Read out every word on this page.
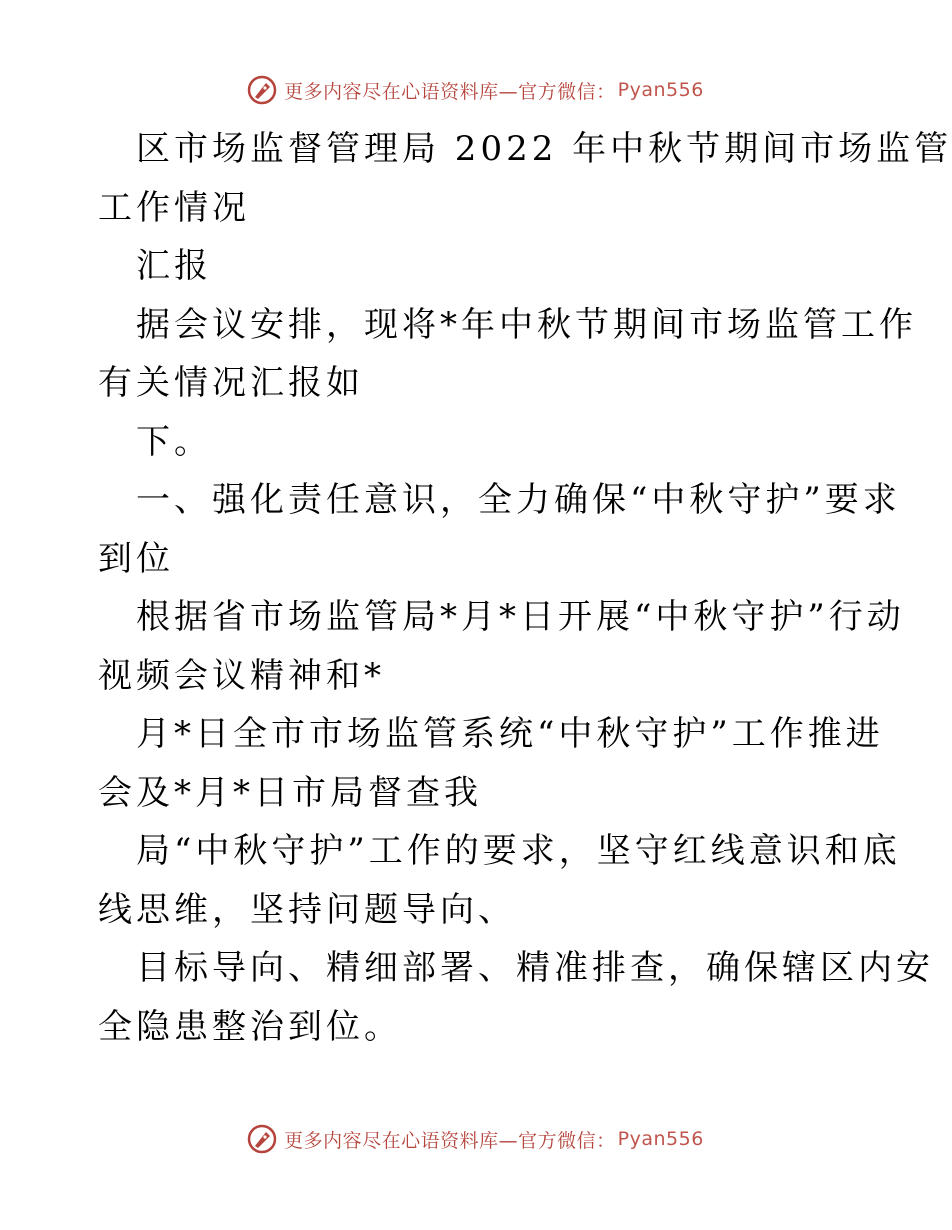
更多内容尽在心语资料库—官方微信： Pyan556
区市场监督管理局 2022 年中秋节期间市场监管
工作情况
汇报
据会议安排，现将*年中秋节期间市场监管工作
有关情况汇报如
下。
一、强化责任意识，全力确保“中秋守护”要求
到位
根据省市场监管局*月*日开展“中秋守护”行动
视频会议精神和*
月*日全市市场监管系统“中秋守护”工作推进
会及*月*日市局督查我
局“中秋守护”工作的要求，坚守红线意识和底
线思维，坚持问题导向、
目标导向、精细部署、精准排查，确保辖区内安
全隐患整治到位。
更多内容尽在心语资料库—官方微信： Pyan556
